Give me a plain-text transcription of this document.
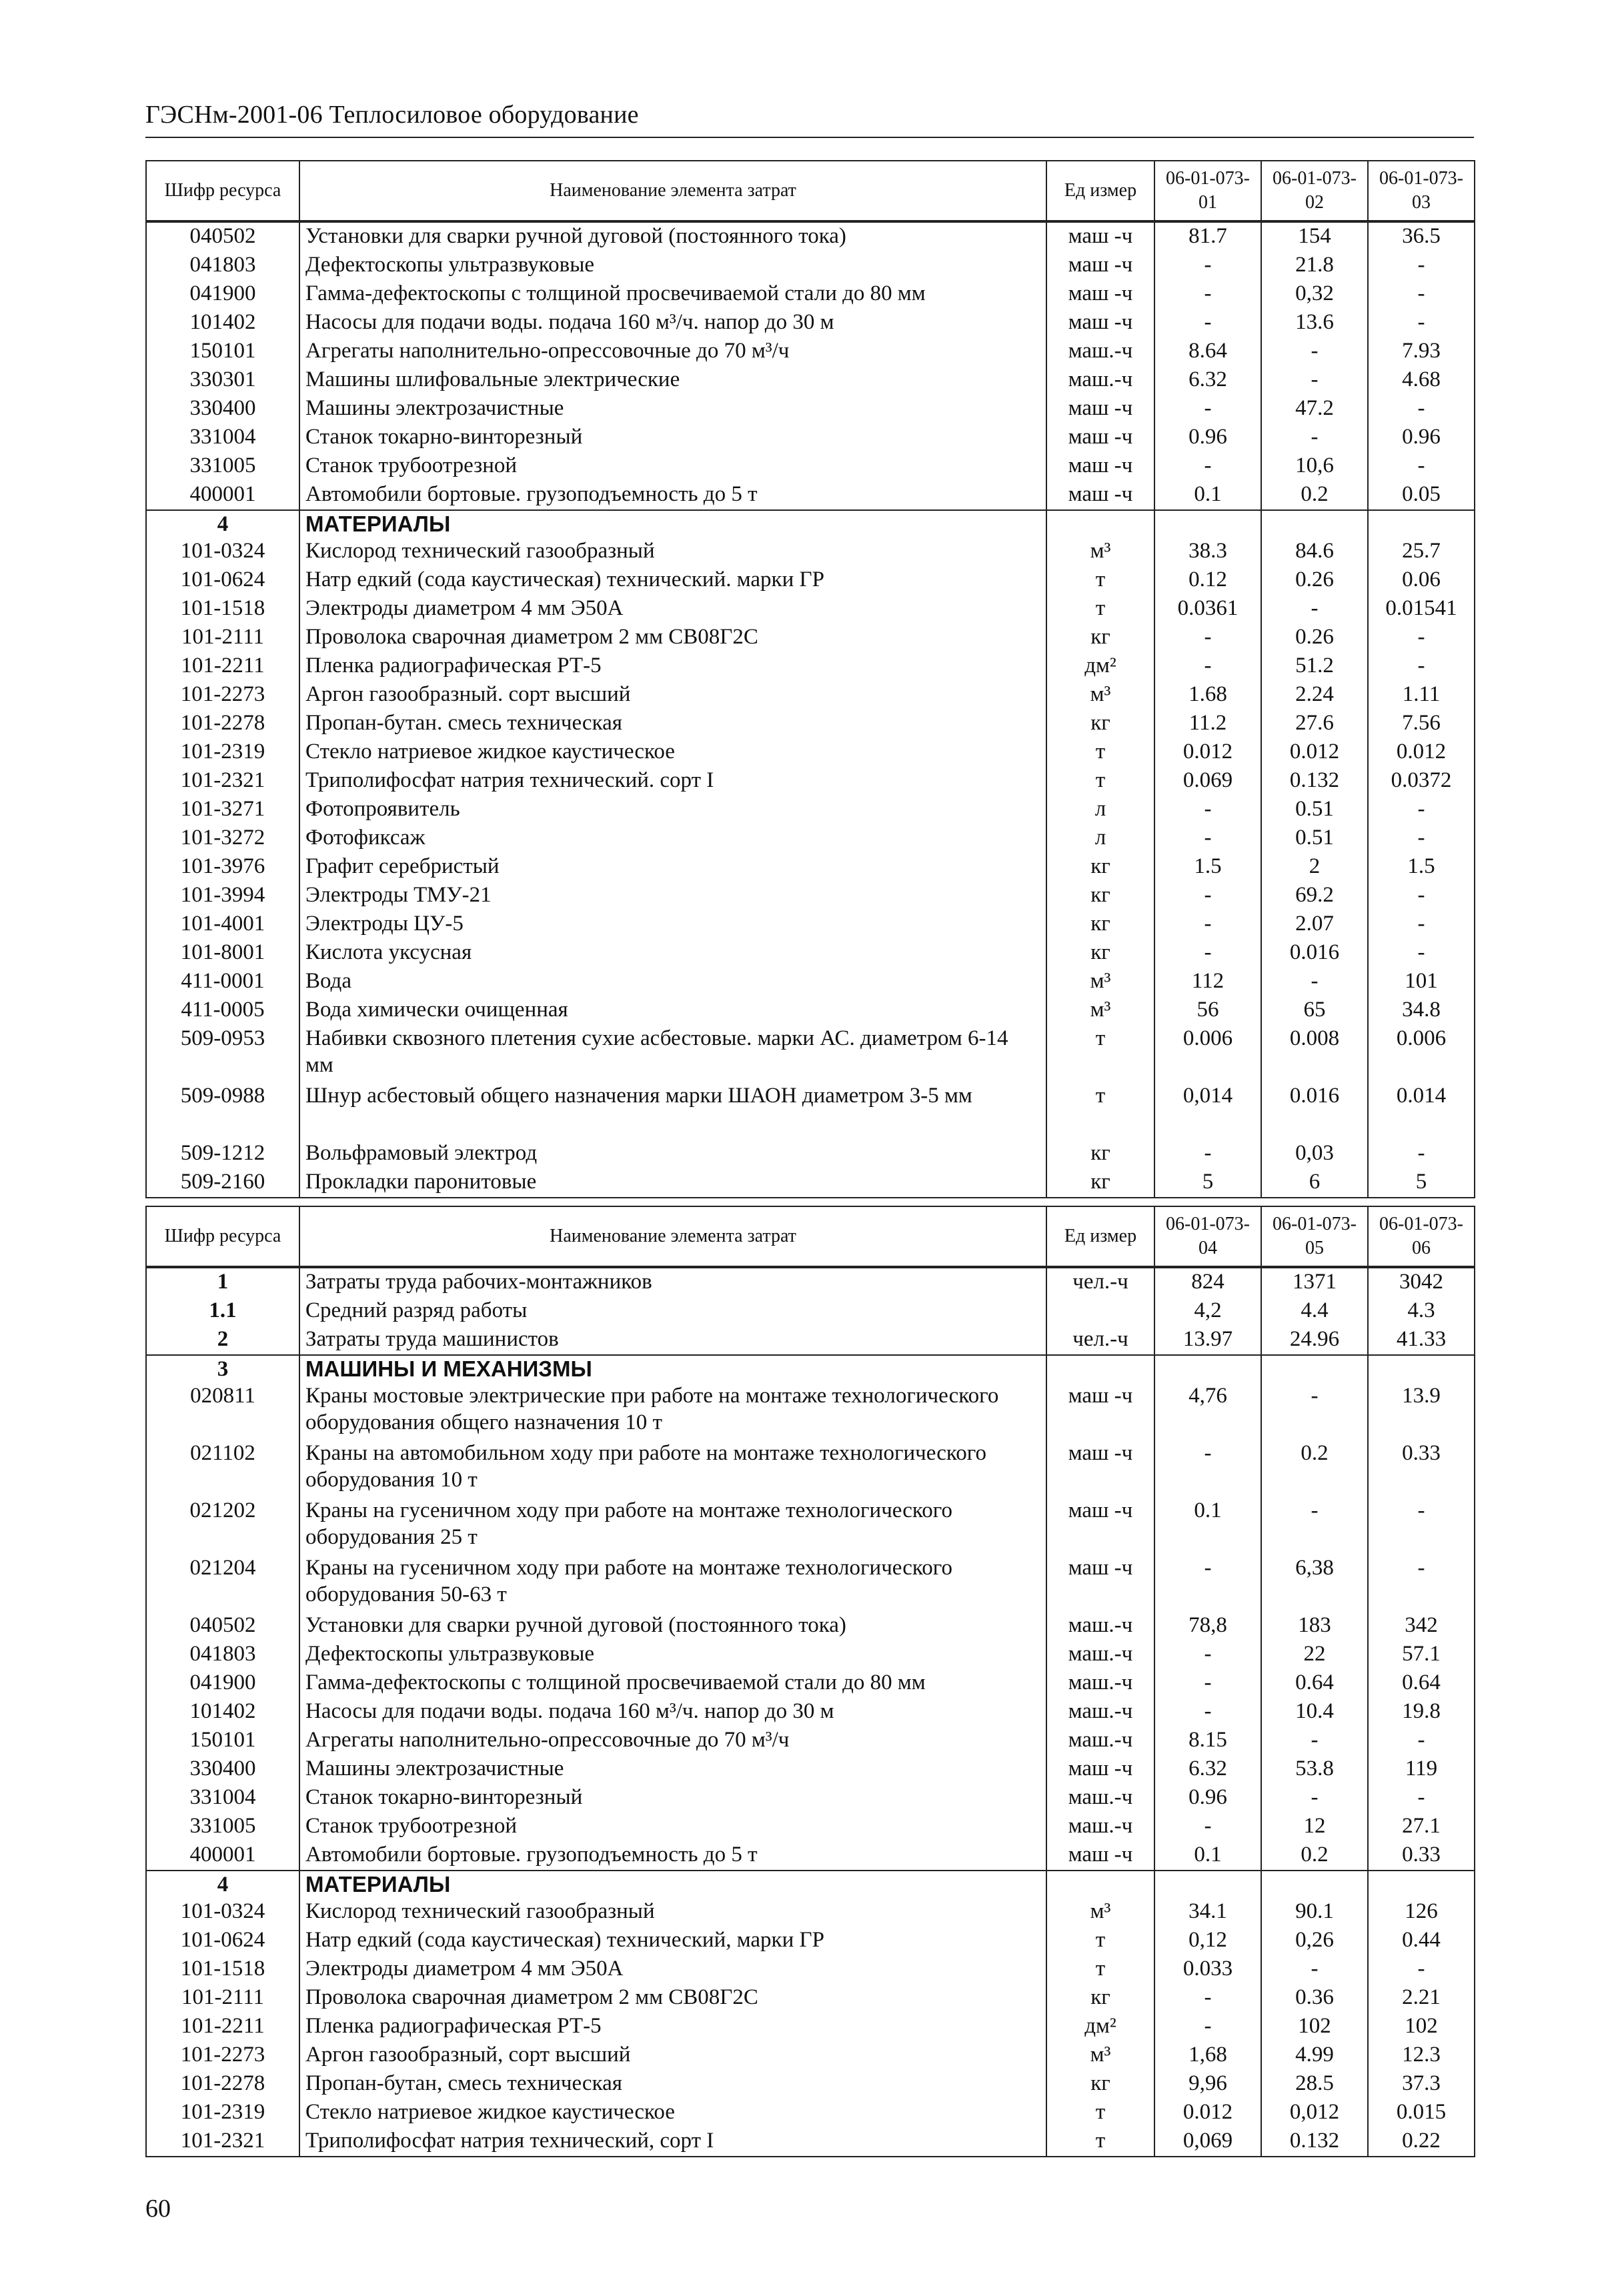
ГЭСНм-2001-06 Теплосиловое оборудование
Шифр ресурса	Наименование элемента затрат	Ед измер	06-01-073-01	06-01-073-02	06-01-073-03
040502	Установки для сварки ручной дуговой (постоянного тока)	маш -ч	81.7	154	36.5
041803	Дефектоскопы ультразвуковые	маш -ч	-	21.8	-
041900	Гамма-дефектоскопы с толщиной просвечиваемой стали до 80 мм	маш -ч	-	0,32	-
101402	Насосы для подачи воды. подача 160 м³/ч. напор до 30 м	маш -ч	-	13.6	-
150101	Агрегаты наполнительно-опрессовочные до 70 м³/ч	маш.-ч	8.64	-	7.93
330301	Машины шлифовальные электрические	маш.-ч	6.32	-	4.68
330400	Машины электрозачистные	маш -ч	-	47.2	-
331004	Станок токарно-винторезный	маш -ч	0.96	-	0.96
331005	Станок трубоотрезной	маш -ч	-	10,6	-
400001	Автомобили бортовые. грузоподъемность до 5 т	маш -ч	0.1	0.2	0.05
4	МАТЕРИАЛЫ				
101-0324	Кислород технический газообразный	м³	38.3	84.6	25.7
101-0624	Натр едкий (сода каустическая) технический. марки ГР	т	0.12	0.26	0.06
101-1518	Электроды диаметром 4 мм Э50А	т	0.0361	-	0.01541
101-2111	Проволока сварочная диаметром 2 мм СВ08Г2С	кг	-	0.26	-
101-2211	Пленка радиографическая РТ-5	дм²	-	51.2	-
101-2273	Аргон газообразный. сорт высший	м³	1.68	2.24	1.11
101-2278	Пропан-бутан. смесь техническая	кг	11.2	27.6	7.56
101-2319	Стекло натриевое жидкое каустическое	т	0.012	0.012	0.012
101-2321	Триполифосфат натрия технический. сорт I	т	0.069	0.132	0.0372
101-3271	Фотопроявитель	л	-	0.51	-
101-3272	Фотофиксаж	л	-	0.51	-
101-3976	Графит серебристый	кг	1.5	2	1.5
101-3994	Электроды ТМУ-21	кг	-	69.2	-
101-4001	Электроды ЦУ-5	кг	-	2.07	-
101-8001	Кислота уксусная	кг	-	0.016	-
411-0001	Вода	м³	112	-	101
411-0005	Вода химически очищенная	м³	56	65	34.8
509-0953	Набивки сквозного плетения сухие асбестовые. марки АС. диаметром 6-14 мм	т	0.006	0.008	0.006
509-0988	Шнур асбестовый общего назначения марки ШАОН диаметром 3-5 мм	т	0,014	0.016	0.014
509-1212	Вольфрамовый электрод	кг	-	0,03	-
509-2160	Прокладки паронитовые	кг	5	6	5
Шифр ресурса	Наименование элемента затрат	Ед измер	06-01-073-04	06-01-073-05	06-01-073-06
1	Затраты труда рабочих-монтажников	чел.-ч	824	1371	3042
1.1	Средний разряд работы		4,2	4.4	4.3
2	Затраты труда машинистов	чел.-ч	13.97	24.96	41.33
3	МАШИНЫ И МЕХАНИЗМЫ				
020811	Краны мостовые электрические при работе на монтаже технологического оборудования общего назначения 10 т	маш -ч	4,76	-	13.9
021102	Краны на автомобильном ходу при работе на монтаже технологического оборудования 10 т	маш -ч	-	0.2	0.33
021202	Краны на гусеничном ходу при работе на монтаже технологического оборудования 25 т	маш -ч	0.1	-	-
021204	Краны на гусеничном ходу при работе на монтаже технологического оборудования 50-63 т	маш -ч	-	6,38	-
040502	Установки для сварки ручной дуговой (постоянного тока)	маш.-ч	78,8	183	342
041803	Дефектоскопы ультразвуковые	маш.-ч	-	22	57.1
041900	Гамма-дефектоскопы с толщиной просвечиваемой стали до 80 мм	маш.-ч	-	0.64	0.64
101402	Насосы для подачи воды. подача 160 м³/ч. напор до 30 м	маш.-ч	-	10.4	19.8
150101	Агрегаты наполнительно-опрессовочные до 70 м³/ч	маш.-ч	8.15	-	-
330400	Машины электрозачистные	маш -ч	6.32	53.8	119
331004	Станок токарно-винторезный	маш.-ч	0.96	-	-
331005	Станок трубоотрезной	маш.-ч	-	12	27.1
400001	Автомобили бортовые. грузоподъемность до 5 т	маш -ч	0.1	0.2	0.33
4	МАТЕРИАЛЫ				
101-0324	Кислород технический газообразный	м³	34.1	90.1	126
101-0624	Натр едкий (сода каустическая) технический, марки ГР	т	0,12	0,26	0.44
101-1518	Электроды диаметром 4 мм Э50А	т	0.033	-	-
101-2111	Проволока сварочная диаметром 2 мм СВ08Г2С	кг	-	0.36	2.21
101-2211	Пленка радиографическая РТ-5	дм²	-	102	102
101-2273	Аргон газообразный, сорт высший	м³	1,68	4.99	12.3
101-2278	Пропан-бутан, смесь техническая	кг	9,96	28.5	37.3
101-2319	Стекло натриевое жидкое каустическое	т	0.012	0,012	0.015
101-2321	Триполифосфат натрия технический, сорт I	т	0,069	0.132	0.22
60
